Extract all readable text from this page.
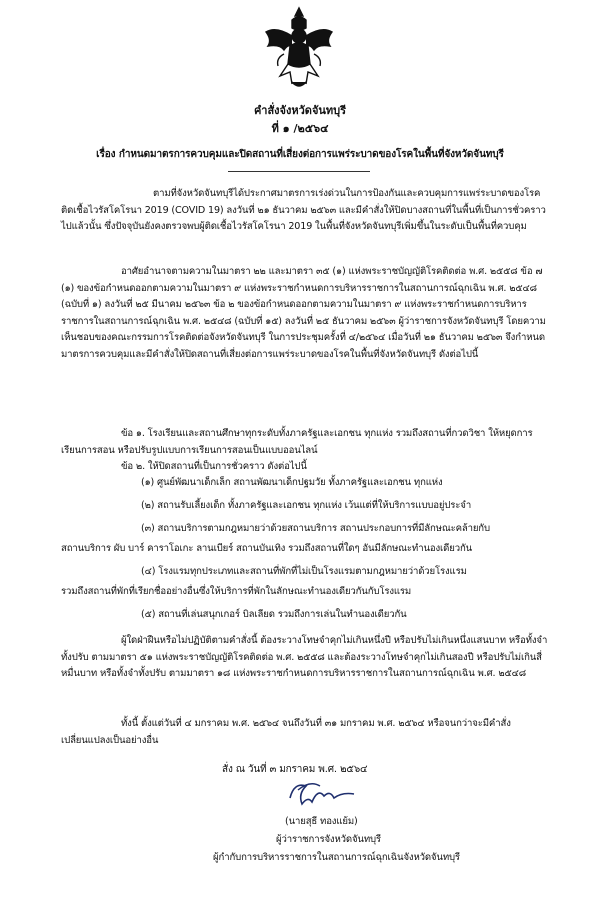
คำสั่งจังหวัดจันทบุรี
ที่ ๑ /๒๕๖๔
เรื่อง กำหนดมาตรการควบคุมและปิดสถานที่เสี่ยงต่อการแพร่ระบาดของโรคในพื้นที่จังหวัดจันทบุรี
ตามที่จังหวัดจันทบุรีได้ประกาศมาตรการเร่งด่วนในการป้องกันและควบคุมการแพร่ระบาดของโรคติดเชื้อไวรัสโคโรนา 2019 (COVID 19) ลงวันที่ ๒๑ ธันวาคม ๒๕๖๓ และมีคำสั่งให้ปิดบางสถานที่ในพื้นที่เป็นการชั่วคราวไปแล้วนั้น ซึ่งปัจจุบันยังคงตรวจพบผู้ติดเชื้อไวรัสโคโรนา 2019 ในพื้นที่จังหวัดจันทบุรีเพิ่มขึ้นในระดับเป็นพื้นที่ควบคุม
อาศัยอำนาจตามความในมาตรา ๒๒ และมาตรา ๓๕ (๑) แห่งพระราชบัญญัติโรคติดต่อ พ.ศ. ๒๕๕๘ ข้อ ๗ (๑) ของข้อกำหนดออกตามความในมาตรา ๙ แห่งพระราชกำหนดการบริหารราชการในสถานการณ์ฉุกเฉิน พ.ศ. ๒๕๔๘ (ฉบับที่ ๑) ลงวันที่ ๒๕ มีนาคม ๒๕๖๓ ข้อ ๒ ของข้อกำหนดออกตามความในมาตรา ๙ แห่งพระราชกำหนดการบริหารราชการในสถานการณ์ฉุกเฉิน พ.ศ. ๒๕๔๘ (ฉบับที่ ๑๕) ลงวันที่ ๒๕ ธันวาคม ๒๕๖๓ ผู้ว่าราชการจังหวัดจันทบุรี โดยความเห็นชอบของคณะกรรมการโรคติดต่อจังหวัดจันทบุรี ในการประชุมครั้งที่ ๔/๒๕๖๔ เมื่อวันที่ ๒๑ ธันวาคม ๒๕๖๓ จึงกำหนดมาตรการควบคุมและมีคำสั่งให้ปิดสถานที่เสี่ยงต่อการแพร่ระบาดของโรคในพื้นที่จังหวัดจันทบุรี ดังต่อไปนี้
ข้อ ๑. โรงเรียนและสถานศึกษาทุกระดับทั้งภาครัฐและเอกชน ทุกแห่ง รวมถึงสถานที่กวดวิชา ให้หยุดการเรียนการสอน หรือปรับรูปแบบการเรียนการสอนเป็นแบบออนไลน์
ข้อ ๒. ให้ปิดสถานที่เป็นการชั่วคราว ดังต่อไปนี้
(๑) ศูนย์พัฒนาเด็กเล็ก สถานพัฒนาเด็กปฐมวัย ทั้งภาครัฐและเอกชน ทุกแห่ง
(๒) สถานรับเลี้ยงเด็ก ทั้งภาครัฐและเอกชน ทุกแห่ง เว้นแต่ที่ให้บริการแบบอยู่ประจำ
(๓) สถานบริการตามกฎหมายว่าด้วยสถานบริการ สถานประกอบการที่มีลักษณะคล้ายกับ
สถานบริการ ผับ บาร์ คาราโอเกะ ลานเบียร์ สถานบันเทิง รวมถึงสถานที่ใดๆ อันมีลักษณะทำนองเดียวกัน
(๔) โรงแรมทุกประเภทและสถานที่พักที่ไม่เป็นโรงแรมตามกฎหมายว่าด้วยโรงแรม
รวมถึงสถานที่พักที่เรียกชื่ออย่างอื่นซึ่งให้บริการที่พักในลักษณะทำนองเดียวกันกับโรงแรม
(๕) สถานที่เล่นสนุกเกอร์ บิลเลียด รวมถึงการเล่นในทำนองเดียวกัน
ผู้ใดฝ่าฝืนหรือไม่ปฏิบัติตามคำสั่งนี้ ต้องระวางโทษจำคุกไม่เกินหนึ่งปี หรือปรับไม่เกินหนึ่งแสนบาท หรือทั้งจำทั้งปรับ ตามมาตรา ๕๑ แห่งพระราชบัญญัติโรคติดต่อ พ.ศ. ๒๕๕๘ และต้องระวางโทษจำคุกไม่เกินสองปี หรือปรับไม่เกินสี่หมื่นบาท หรือทั้งจำทั้งปรับ ตามมาตรา ๑๘ แห่งพระราชกำหนดการบริหารราชการในสถานการณ์ฉุกเฉิน พ.ศ. ๒๕๔๘
ทั้งนี้ ตั้งแต่วันที่ ๔ มกราคม พ.ศ. ๒๕๖๔ จนถึงวันที่ ๓๑ มกราคม พ.ศ. ๒๕๖๔ หรือจนกว่าจะมีคำสั่งเปลี่ยนแปลงเป็นอย่างอื่น
สั่ง ณ วันที่ ๓ มกราคม พ.ศ. ๒๕๖๔
(นายสุธี ทองแย้ม)
ผู้ว่าราชการจังหวัดจันทบุรี
ผู้กำกับการบริหารราชการในสถานการณ์ฉุกเฉินจังหวัดจันทบุรี
